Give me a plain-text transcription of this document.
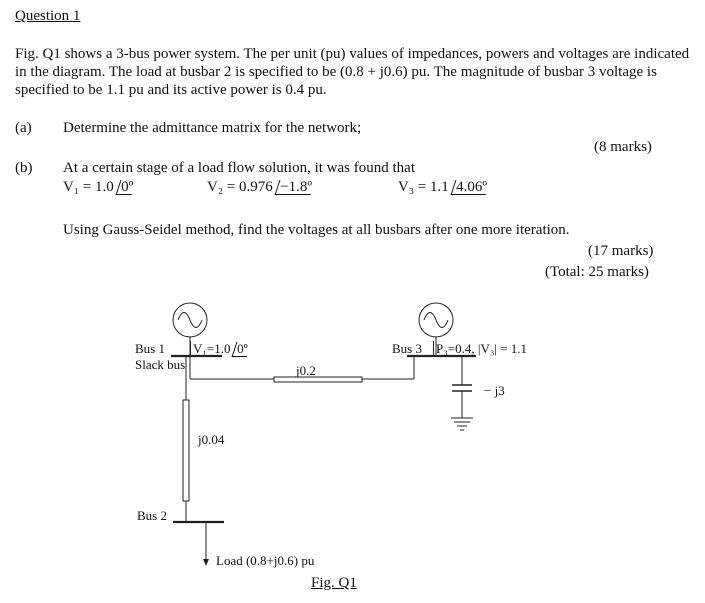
Question 1
Fig. Q1 shows a 3-bus power system. The per unit (pu) values of impedances, powers and voltages are indicated in the diagram. The load at busbar 2 is specified to be (0.8 + j0.6) pu. The magnitude of busbar 3 voltage is specified to be 1.1 pu and its active power is 0.4 pu.
(a) Determine the admittance matrix for the network;
(8 marks)
(b) At a certain stage of a load flow solution, it was found that
V₁ = 1.0 0º	V₂ = 0.976 −1.8º	V₃ = 1.1 4.06º
Using Gauss-Seidel method, find the voltages at all busbars after one more iteration.
(17 marks)
(Total: 25 marks)
Bus 1
Slack bus
V₁=1.0 0º
j0.2
j0.04
Bus 3 P₃=0.4, |V₃| = 1.1
− j3
Bus 2
Load (0.8+j0.6) pu
Fig. Q1
